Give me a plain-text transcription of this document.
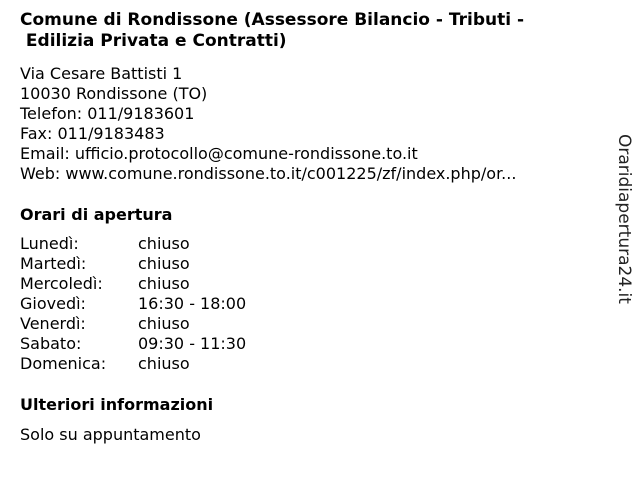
Comune di Rondissone (Assessore Bilancio - Tributi -
Edilizia Privata e Contratti)
Via Cesare Battisti 1
10030 Rondissone (TO)
Telefon: 011/9183601
Fax: 011/9183483
Email: ufficio.protocollo@comune-rondissone.to.it
Web: www.comune.rondissone.to.it/c001225/zf/index.php/or...
Orari di apertura
Lunedì:	chiuso
Martedì:	chiuso
Mercoledì:	chiuso
Giovedì:	16:30 - 18:00
Venerdì:	chiuso
Sabato:	09:30 - 11:30
Domenica:	chiuso
Ulteriori informazioni
Solo su appuntamento
Oraridiapertura24.it
